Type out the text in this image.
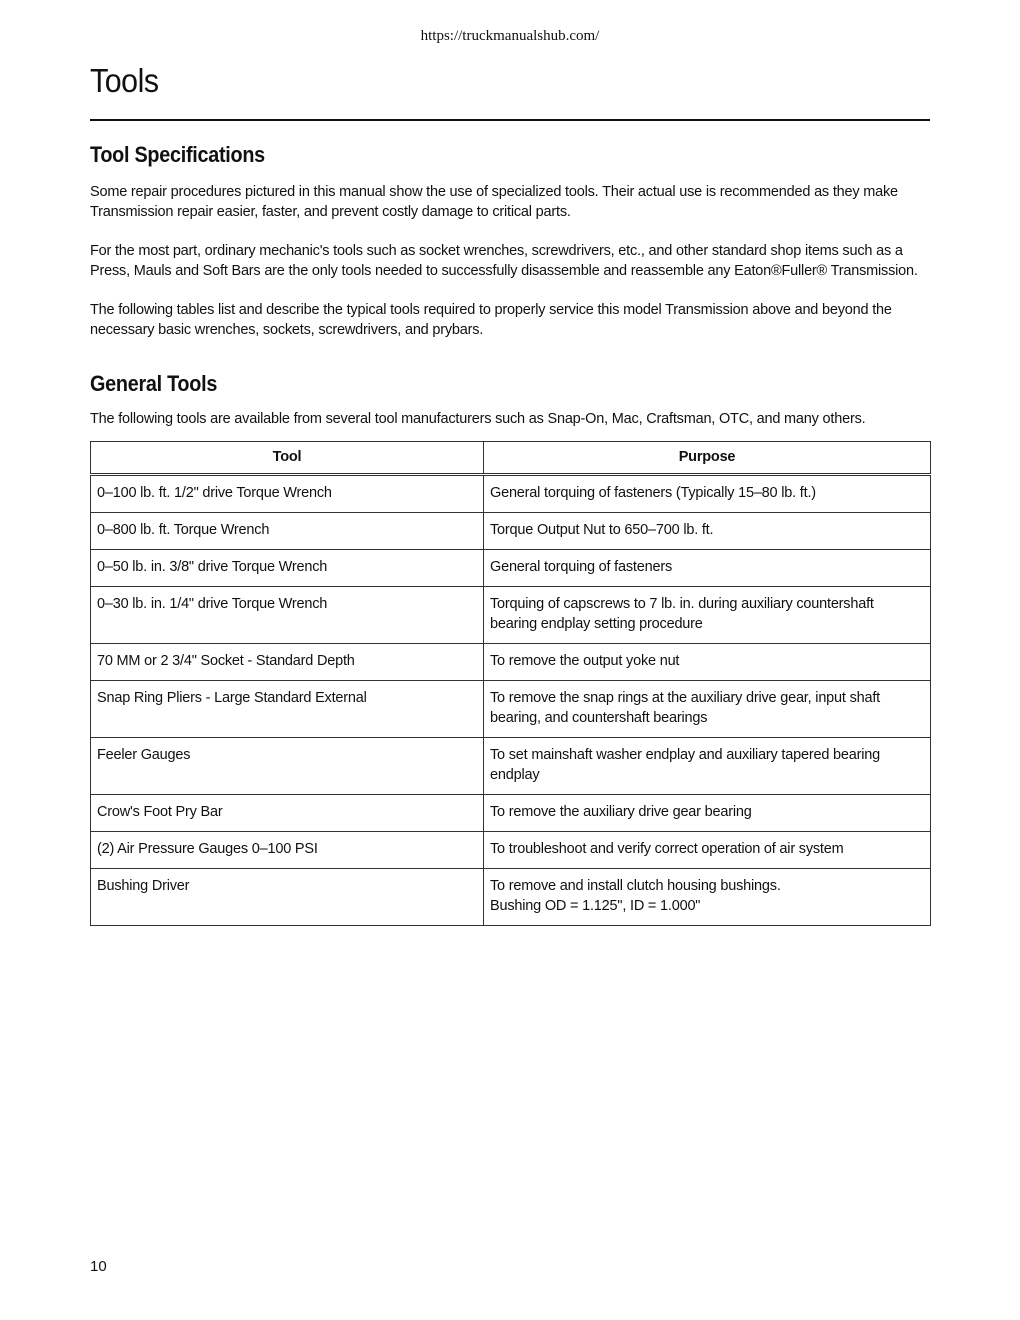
https://truckmanualshub.com/
Tools
Tool Specifications

Some repair procedures pictured in this manual show the use of specialized tools. Their actual use is recommended as they make Transmission repair easier, faster, and prevent costly damage to critical parts.

For the most part, ordinary mechanic's tools such as socket wrenches, screwdrivers, etc., and other standard shop items such as a Press, Mauls and Soft Bars are the only tools needed to successfully disassemble and reassemble any Eaton®Fuller® Transmission.

The following tables list and describe the typical tools required to properly service this model Transmission above and beyond the necessary basic wrenches, sockets, screwdrivers, and prybars.

General Tools

The following tools are available from several tool manufacturers such as Snap-On, Mac, Craftsman, OTC, and many others.

Tool	Purpose
0–100 lb. ft. 1/2" drive Torque Wrench	General torquing of fasteners (Typically 15–80 lb. ft.)
0–800 lb. ft. Torque Wrench	Torque Output Nut to 650–700 lb. ft.
0–50 lb. in. 3/8" drive Torque Wrench	General torquing of fasteners
0–30 lb. in. 1/4" drive Torque Wrench	Torquing of capscrews to 7 lb. in. during auxiliary countershaft bearing endplay setting procedure
70 MM or 2 3/4" Socket - Standard Depth	To remove the output yoke nut
Snap Ring Pliers - Large Standard External	To remove the snap rings at the auxiliary drive gear, input shaft bearing, and countershaft bearings
Feeler Gauges	To set mainshaft washer endplay and auxiliary tapered bearing endplay
Crow's Foot Pry Bar	To remove the auxiliary drive gear bearing
(2) Air Pressure Gauges 0–100 PSI	To troubleshoot and verify correct operation of air system
Bushing Driver	To remove and install clutch housing bushings.
Bushing OD = 1.125", ID = 1.000"
10
